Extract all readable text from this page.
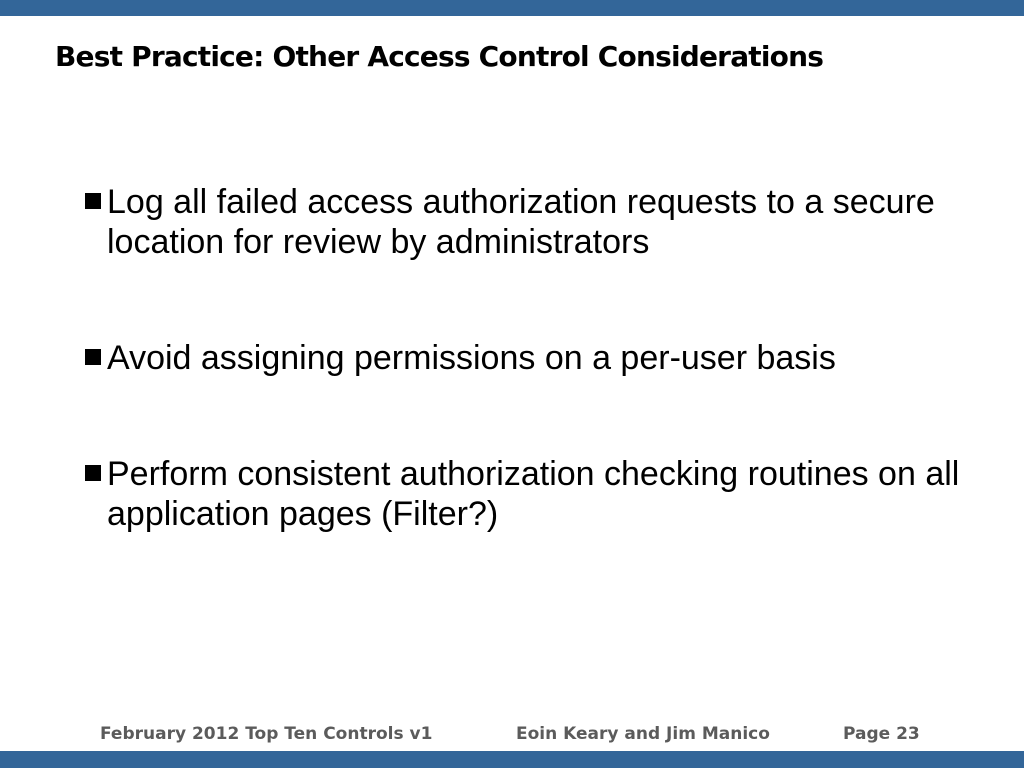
Best Practice: Other Access Control Considerations
Log all failed access authorization requests to a secure location for review by administrators
Avoid assigning permissions on a per-user basis
Perform consistent authorization checking routines on all application pages (Filter?)
February 2012 Top Ten Controls v1	Eoin Keary and Jim Manico	Page 23
